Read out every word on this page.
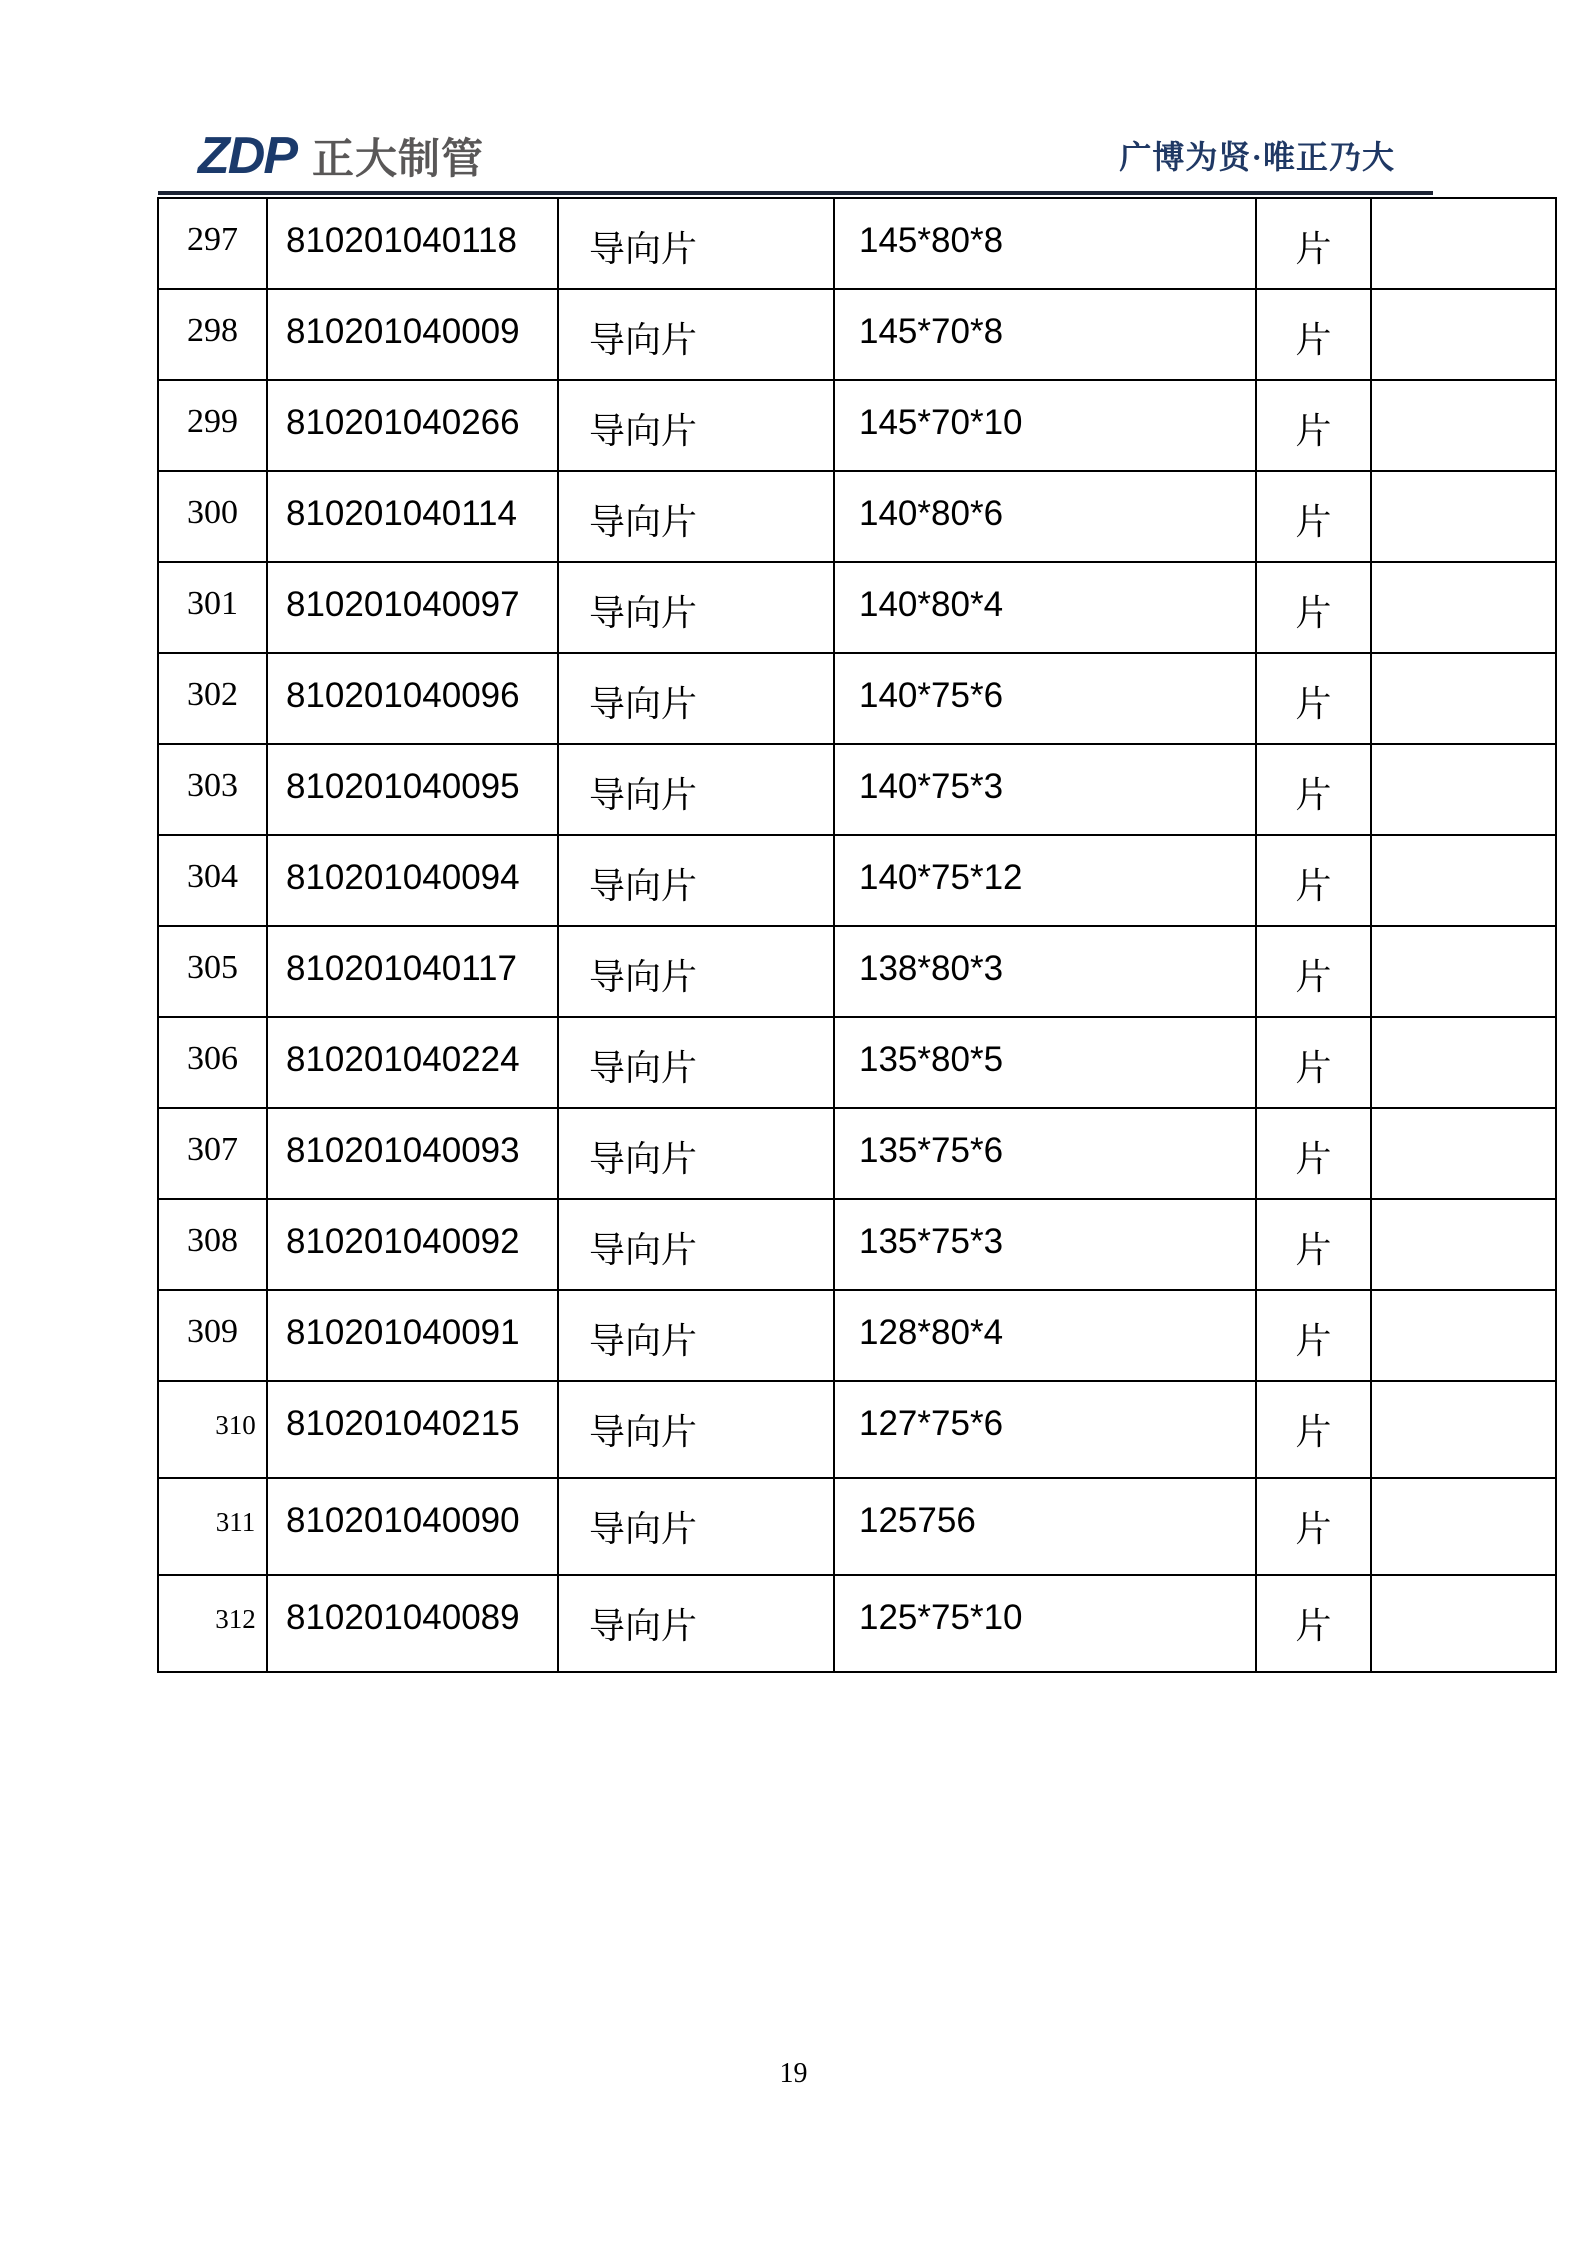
ZDP 正大制管	广博为贤·唯正乃大
297	810201040118	导向片	145*80*8	片	
298	810201040009	导向片	145*70*8	片	
299	810201040266	导向片	145*70*10	片	
300	810201040114	导向片	140*80*6	片	
301	810201040097	导向片	140*80*4	片	
302	810201040096	导向片	140*75*6	片	
303	810201040095	导向片	140*75*3	片	
304	810201040094	导向片	140*75*12	片	
305	810201040117	导向片	138*80*3	片	
306	810201040224	导向片	135*80*5	片	
307	810201040093	导向片	135*75*6	片	
308	810201040092	导向片	135*75*3	片	
309	810201040091	导向片	128*80*4	片	
310	810201040215	导向片	127*75*6	片	
311	810201040090	导向片	125756	片	
312	810201040089	导向片	125*75*10	片	
19
